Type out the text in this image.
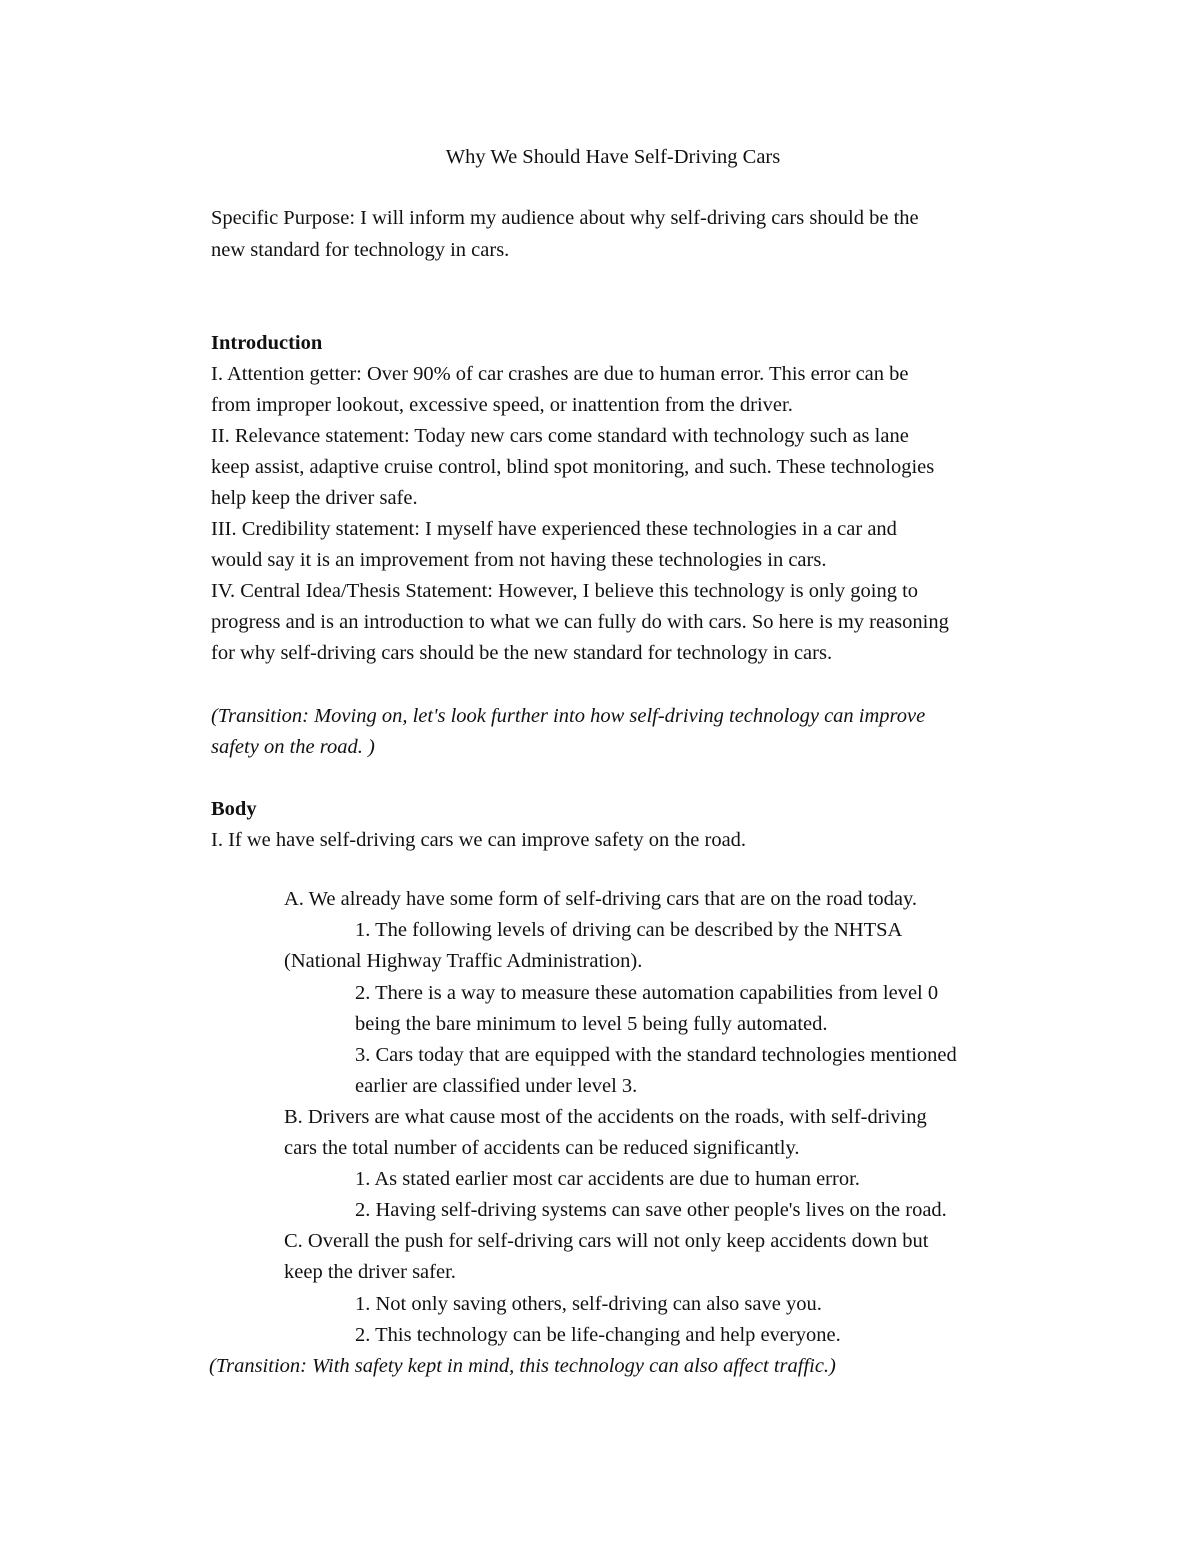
Why We Should Have Self-Driving Cars
Specific Purpose: I will inform my audience about why self-driving cars should be the
new standard for technology in cars.
Introduction
I. Attention getter: Over 90% of car crashes are due to human error. This error can be
from improper lookout, excessive speed, or inattention from the driver.
II. Relevance statement: Today new cars come standard with technology such as lane
keep assist, adaptive cruise control, blind spot monitoring, and such. These technologies
help keep the driver safe.
III. Credibility statement: I myself have experienced these technologies in a car and
would say it is an improvement from not having these technologies in cars.
IV. Central Idea/Thesis Statement: However, I believe this technology is only going to
progress and is an introduction to what we can fully do with cars. So here is my reasoning
for why self-driving cars should be the new standard for technology in cars.
(Transition: Moving on, let's look further into how self-driving technology can improve
safety on the road. )
Body
I. If we have self-driving cars we can improve safety on the road.
A. We already have some form of self-driving cars that are on the road today.
1. The following levels of driving can be described by the NHTSA
(National Highway Traffic Administration).
2. There is a way to measure these automation capabilities from level 0
being the bare minimum to level 5 being fully automated.
3. Cars today that are equipped with the standard technologies mentioned
earlier are classified under level 3.
B. Drivers are what cause most of the accidents on the roads, with self-driving
cars the total number of accidents can be reduced significantly.
1. As stated earlier most car accidents are due to human error.
2. Having self-driving systems can save other people's lives on the road.
C. Overall the push for self-driving cars will not only keep accidents down but
keep the driver safer.
1. Not only saving others, self-driving can also save you.
2. This technology can be life-changing and help everyone.
(Transition: With safety kept in mind, this technology can also affect traffic.)
